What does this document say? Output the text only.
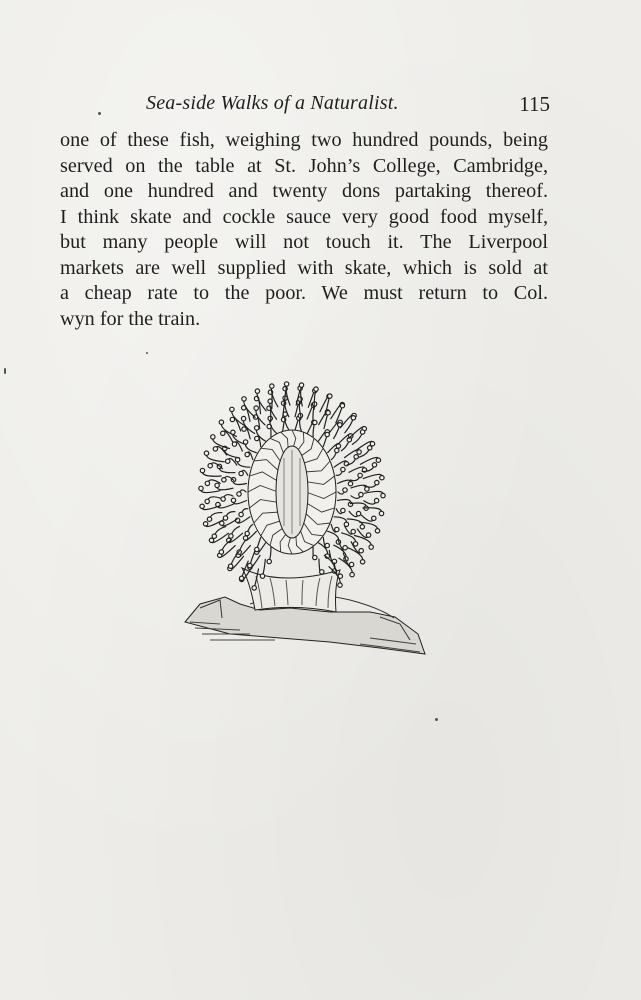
Sea-side Walks of a Naturalist.	115
one of these fish, weighing two hundred pounds, being
served on the table at St. John’s College, Cambridge,
and one hundred and twenty dons partaking thereof.
I think skate and cockle sauce very good food myself,
but many people will not touch it. The Liverpool
markets are well supplied with skate, which is sold at
a cheap rate to the poor. We must return to Col.
wyn for the train.
